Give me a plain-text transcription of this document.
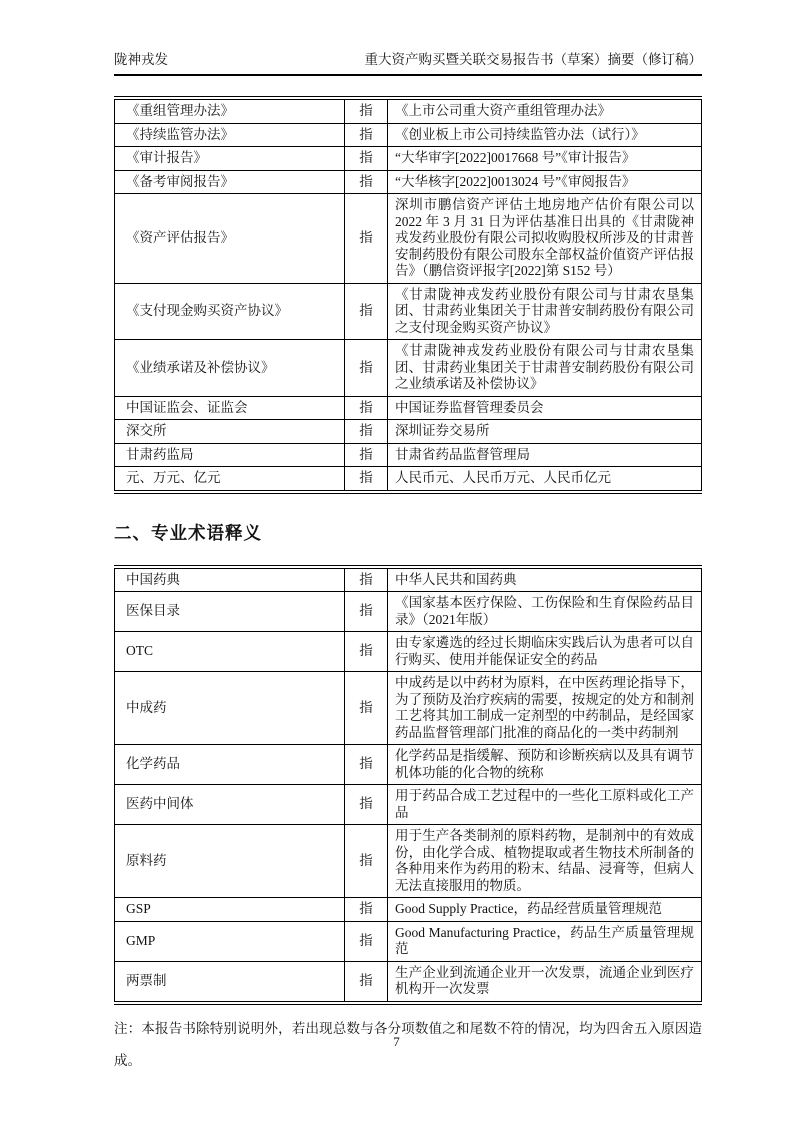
陇神戎发	重大资产购买暨关联交易报告书（草案）摘要（修订稿）
《重组管理办法》	指	《上市公司重大资产重组管理办法》
《持续监管办法》	指	《创业板上市公司持续监管办法（试行）》
《审计报告》	指	“大华审字[2022]0017668 号”《审计报告》
《备考审阅报告》	指	“大华核字[2022]0013024 号”《审阅报告》
《资产评估报告》	指	深圳市鹏信资产评估土地房地产估价有限公司以 2022 年 3 月 31 日为评估基准日出具的《甘肃陇神戎发药业股份有限公司拟收购股权所涉及的甘肃普安制药股份有限公司股东全部权益价值资产评估报告》（鹏信资评报字[2022]第 S152 号）
《支付现金购买资产协议》	指	《甘肃陇神戎发药业股份有限公司与甘肃农垦集团、甘肃药业集团关于甘肃普安制药股份有限公司之支付现金购买资产协议》
《业绩承诺及补偿协议》	指	《甘肃陇神戎发药业股份有限公司与甘肃农垦集团、甘肃药业集团关于甘肃普安制药股份有限公司之业绩承诺及补偿协议》
中国证监会、证监会	指	中国证券监督管理委员会
深交所	指	深圳证券交易所
甘肃药监局	指	甘肃省药品监督管理局
元、万元、亿元	指	人民币元、人民币万元、人民币亿元
二、专业术语释义
中国药典	指	中华人民共和国药典
医保目录	指	《国家基本医疗保险、工伤保险和生育保险药品目录》（2021年版）
OTC	指	由专家遴选的经过长期临床实践后认为患者可以自行购买、使用并能保证安全的药品
中成药	指	中成药是以中药材为原料，在中医药理论指导下，为了预防及治疗疾病的需要，按规定的处方和制剂工艺将其加工制成一定剂型的中药制品，是经国家药品监督管理部门批准的商品化的一类中药制剂
化学药品	指	化学药品是指缓解、预防和诊断疾病以及具有调节机体功能的化合物的统称
医药中间体	指	用于药品合成工艺过程中的一些化工原料或化工产品
原料药	指	用于生产各类制剂的原料药物，是制剂中的有效成份，由化学合成、植物提取或者生物技术所制备的各种用来作为药用的粉末、结晶、浸膏等，但病人无法直接服用的物质。
GSP	指	Good Supply Practice，药品经营质量管理规范
GMP	指	Good Manufacturing Practice，药品生产质量管理规范
两票制	指	生产企业到流通企业开一次发票，流通企业到医疗机构开一次发票
注：本报告书除特别说明外，若出现总数与各分项数值之和尾数不符的情况，均为四舍五入原因造成。
7
